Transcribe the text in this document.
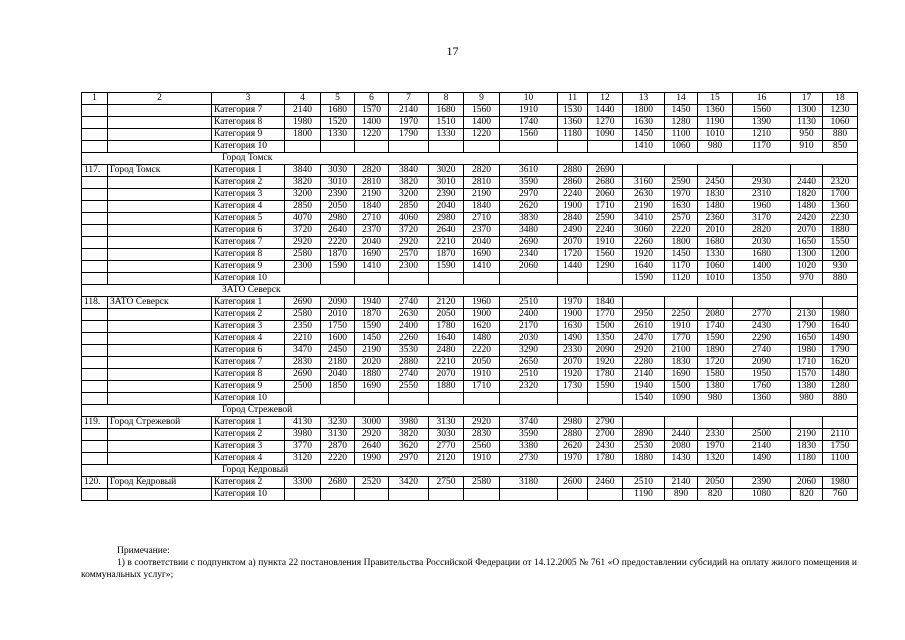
17
1	2	3	4	5	6	7	8	9	10	11	12	13	14	15	16	17	18
		Категория 7	2140	1680	1570	2140	1680	1560	1910	1530	1440	1800	1450	1360	1560	1300	1230
		Категория 8	1980	1520	1400	1970	1510	1400	1740	1360	1270	1630	1280	1190	1390	1130	1060
		Категория 9	1800	1330	1220	1790	1330	1220	1560	1180	1090	1450	1100	1010	1210	950	880
		Категория 10										1410	1060	980	1170	910	850
Город Томск																	
117.	Город Томск	Категория 1	3840	3030	2820	3840	3020	2820	3610	2880	2690						
		Категория 2	3820	3010	2810	3820	3010	2810	3590	2860	2680	3160	2590	2450	2930	2440	2320
		Категория 3	3200	2390	2190	3200	2390	2190	2970	2240	2060	2630	1970	1830	2310	1820	1700
		Категория 4	2850	2050	1840	2850	2040	1840	2620	1900	1710	2190	1630	1480	1960	1480	1360
		Категория 5	4070	2980	2710	4060	2980	2710	3830	2840	2590	3410	2570	2360	3170	2420	2230
		Категория 6	3720	2640	2370	3720	2640	2370	3480	2490	2240	3060	2220	2010	2820	2070	1880
		Категория 7	2920	2220	2040	2920	2210	2040	2690	2070	1910	2260	1800	1680	2030	1650	1550
		Категория 8	2580	1870	1690	2570	1870	1690	2340	1720	1560	1920	1450	1330	1680	1300	1200
		Категория 9	2300	1590	1410	2300	1590	1410	2060	1440	1290	1640	1170	1060	1400	1020	930
		Категория 10										1590	1120	1010	1350	970	880
ЗАТО Северск																	
118.	ЗАТО Северск	Категория 1	2690	2090	1940	2740	2120	1960	2510	1970	1840						
		Категория 2	2580	2010	1870	2630	2050	1900	2400	1900	1770	2950	2250	2080	2770	2130	1980
		Категория 3	2350	1750	1590	2400	1780	1620	2170	1630	1500	2610	1910	1740	2430	1790	1640
		Категория 4	2210	1600	1450	2260	1640	1480	2030	1490	1350	2470	1770	1590	2290	1650	1490
		Категория 6	3470	2450	2190	3530	2480	2220	3290	2330	2090	2920	2100	1890	2740	1980	1790
		Категория 7	2830	2180	2020	2880	2210	2050	2650	2070	1920	2280	1830	1720	2090	1710	1620
		Категория 8	2690	2040	1880	2740	2070	1910	2510	1920	1780	2140	1690	1580	1950	1570	1480
		Категория 9	2500	1850	1690	2550	1880	1710	2320	1730	1590	1940	1500	1380	1760	1380	1280
		Категория 10										1540	1090	980	1360	980	880
Город Стрежевой																	
119.	Город Стрежевой	Категория 1	4130	3230	3000	3980	3130	2920	3740	2980	2790						
		Категория 2	3980	3130	2920	3820	3030	2830	3590	2880	2700	2890	2440	2330	2500	2190	2110
		Категория 3	3770	2870	2640	3620	2770	2560	3380	2620	2430	2530	2080	1970	2140	1830	1750
		Категория 4	3120	2220	1990	2970	2120	1910	2730	1970	1780	1880	1430	1320	1490	1180	1100
Город Кедровый																	
120.	Город Кедровый	Категория 2	3300	2680	2520	3420	2750	2580	3180	2600	2460	2510	2140	2050	2390	2060	1980
		Категория 10										1190	890	820	1080	820	760

Примечание:

1) в соответствии с подпунктом а) пункта 22 постановления Правительства Российской Федерации от 14.12.2005 № 761 «О предоставлении субсидий на оплату жилого помещения и коммунальных услуг»;
